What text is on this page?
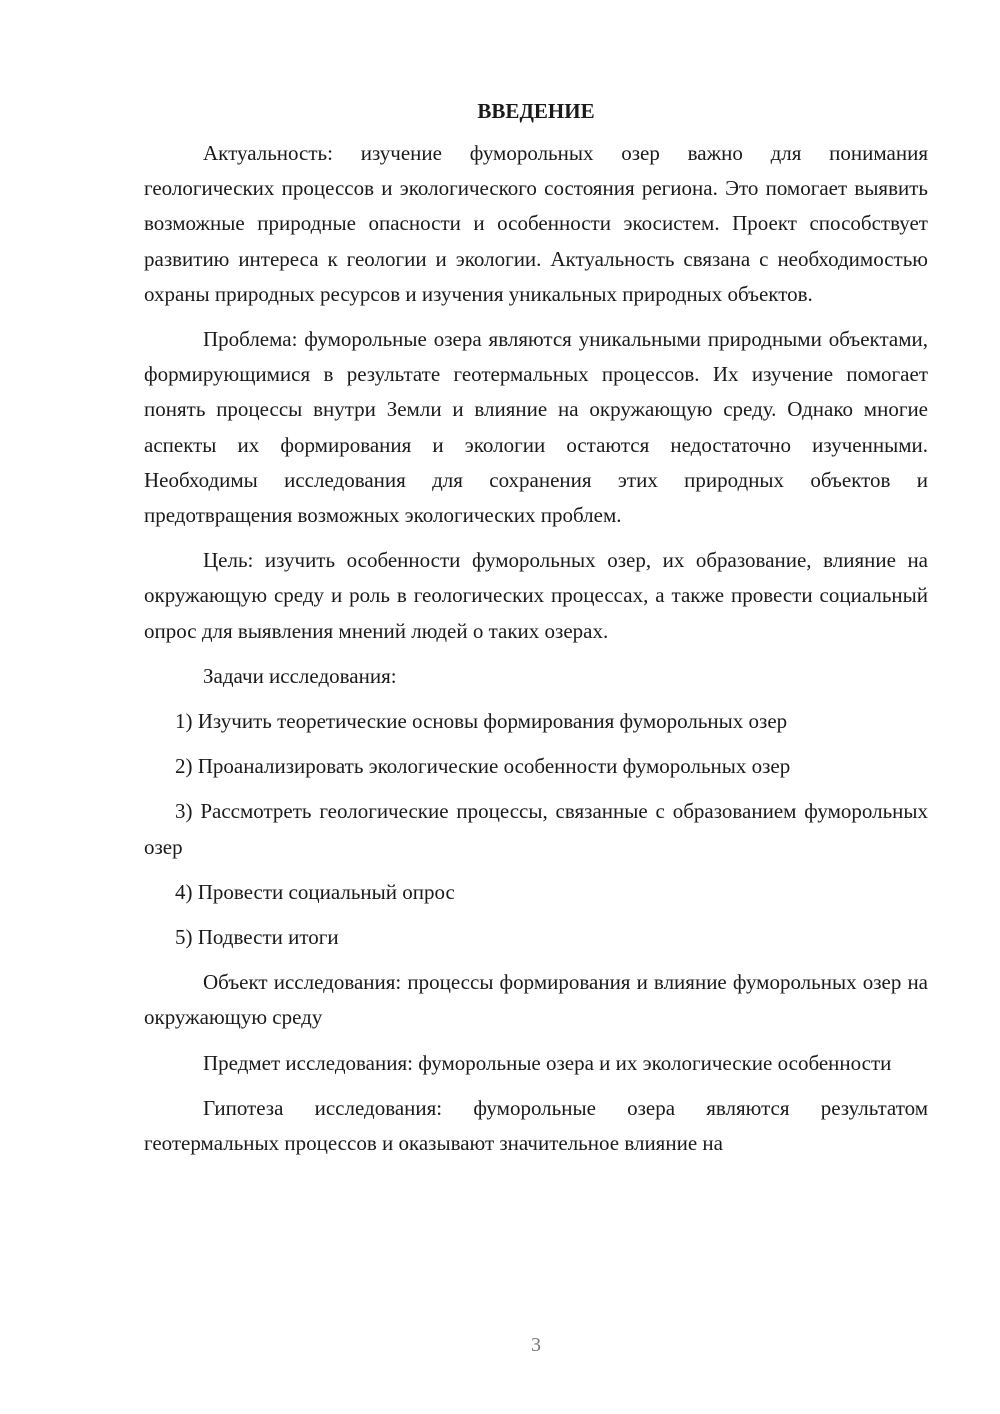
ВВЕДЕНИЕ

Актуальность: изучение фуморольных озер важно для понимания геологических процессов и экологического состояния региона. Это помогает выявить возможные природные опасности и особенности экосистем. Проект способствует развитию интереса к геологии и экологии. Актуальность связана с необходимостью охраны природных ресурсов и изучения уникальных природных объектов.

Проблема: фуморольные озера являются уникальными природными объектами, формирующимися в результате геотермальных процессов. Их изучение помогает понять процессы внутри Земли и влияние на окружающую среду. Однако многие аспекты их формирования и экологии остаются недостаточно изученными. Необходимы исследования для сохранения этих природных объектов и предотвращения возможных экологических проблем.

Цель: изучить особенности фуморольных озер, их образование, влияние на окружающую среду и роль в геологических процессах, а также провести социальный опрос для выявления мнений людей о таких озерах.

Задачи исследования:

1) Изучить теоретические основы формирования фуморольных озер

2) Проанализировать экологические особенности фуморольных озер

3) Рассмотреть геологические процессы, связанные с образованием фуморольных озер

4) Провести социальный опрос

5) Подвести итоги

Объект исследования: процессы формирования и влияние фуморольных озер на окружающую среду

Предмет исследования: фуморольные озера и их экологические особенности

Гипотеза исследования: фуморольные озера являются результатом геотермальных процессов и оказывают значительное влияние на

3
